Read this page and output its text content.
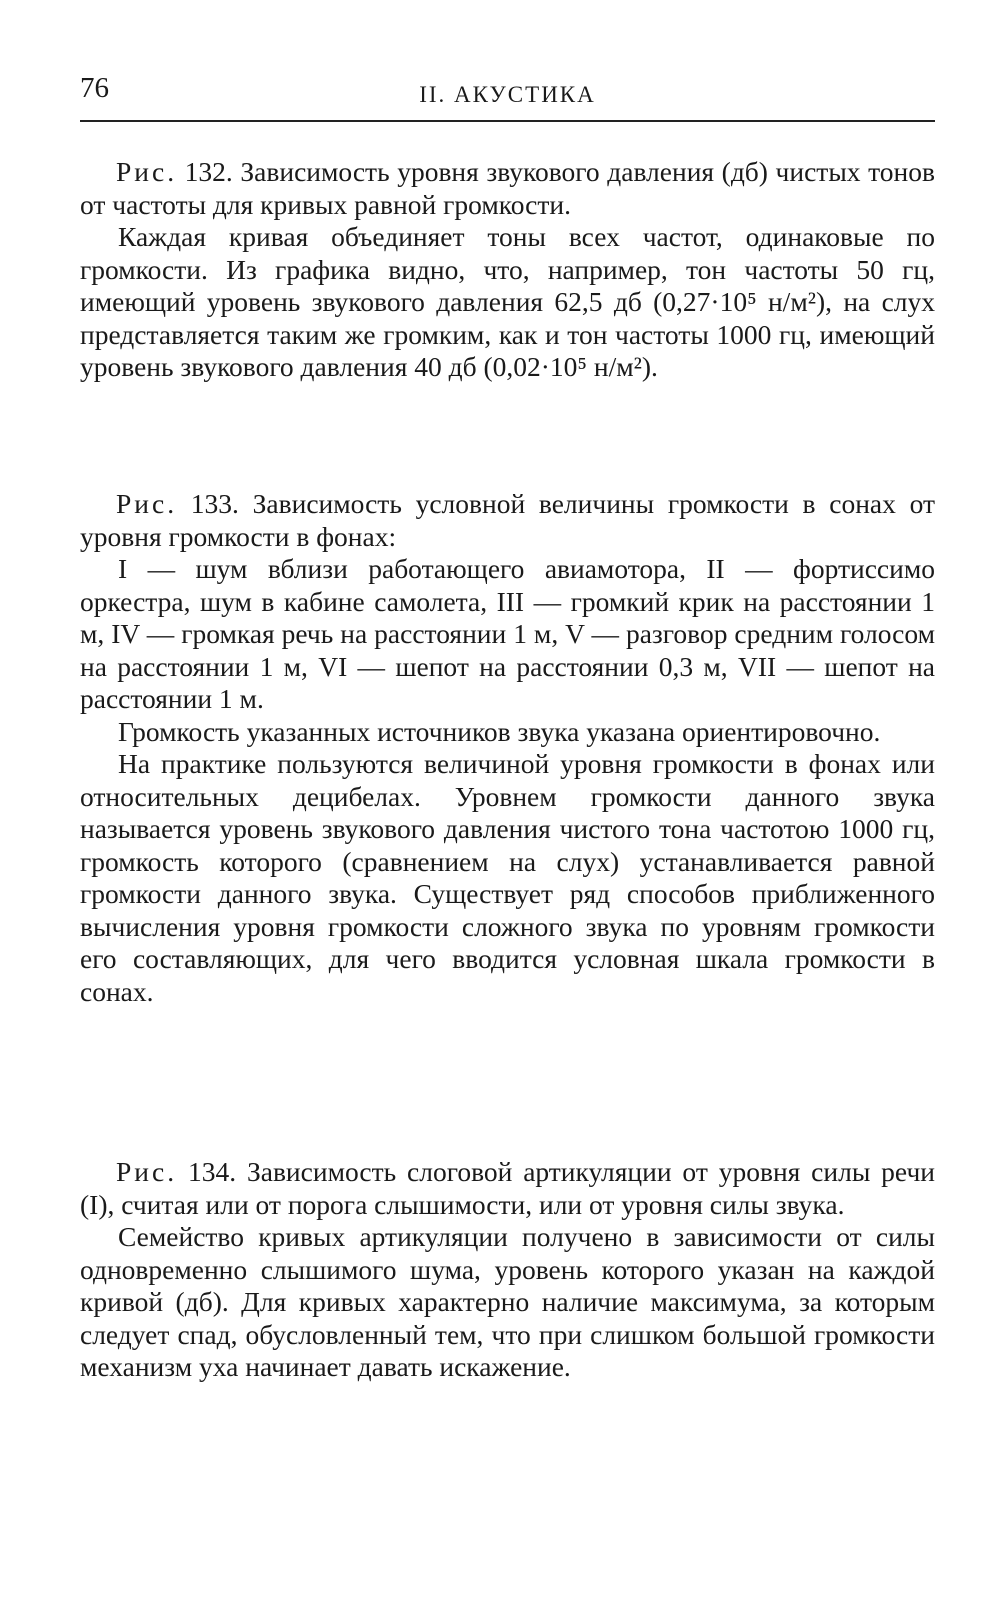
76	II. АКУСТИКА

Рис. 132. Зависимость уровня звукового давления (дб) чистых тонов от частоты для кривых равной громкости.

Каждая кривая объединяет тоны всех частот, одинаковые по громкости. Из графика видно, что, например, тон частоты 50 гц, имеющий уровень звукового давления 62,5 дб (0,27·10⁵ н/м²), на слух представляется таким же громким, как и тон частоты 1000 гц, имеющий уровень звукового давления 40 дб (0,02·10⁵ н/м²).

Рис. 133. Зависимость условной величины громкости в сонах от уровня громкости в фонах:

I — шум вблизи работающего авиамотора, II — фортиссимо оркестра, шум в кабине самолета, III — громкий крик на расстоянии 1 м, IV — громкая речь на расстоянии 1 м, V — разговор средним голосом на расстоянии 1 м, VI — шепот на расстоянии 0,3 м, VII — шепот на расстоянии 1 м.

Громкость указанных источников звука указана ориентировочно.

На практике пользуются величиной уровня громкости в фонах или относительных децибелах. Уровнем громкости данного звука называется уровень звукового давления чистого тона частотою 1000 гц, громкость которого (сравнением на слух) устанавливается равной громкости данного звука. Существует ряд способов приближенного вычисления уровня громкости сложного звука по уровням громкости его составляющих, для чего вводится условная шкала громкости в сонах.

Рис. 134. Зависимость слоговой артикуляции от уровня силы речи (I), считая или от порога слышимости, или от уровня силы звука.

Семейство кривых артикуляции получено в зависимости от силы одновременно слышимого шума, уровень которого указан на каждой кривой (дб). Для кривых характерно наличие максимума, за которым следует спад, обусловленный тем, что при слишком большой громкости механизм уха начинает давать искажение.
